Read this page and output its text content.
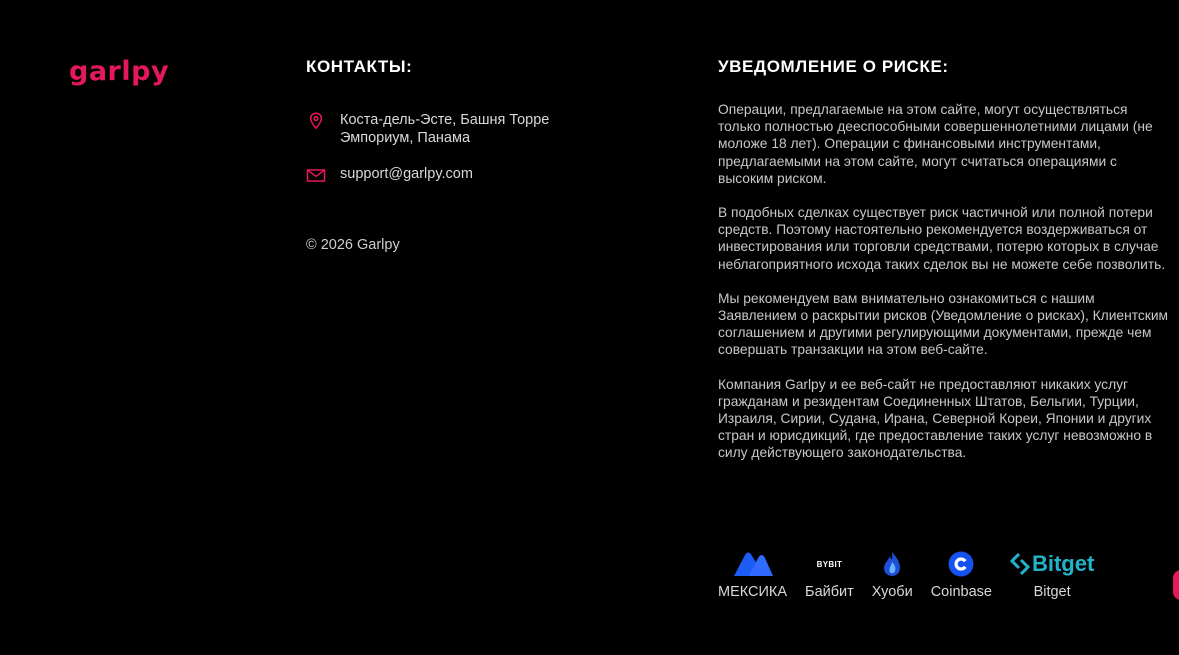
garlpy	КОНТАКТЫ:
Коста-дель-Эсте, Башня Торре Эмпориум, Панама
support@garlpy.com
© 2026 Garlpy
УВЕДОМЛЕНИЕ О РИСКЕ:

Операции, предлагаемые на этом сайте, могут осуществляться только полностью дееспособными совершеннолетними лицами (не моложе 18 лет). Операции с финансовыми инструментами, предлагаемыми на этом сайте, могут считаться операциями с высоким риском.

В подобных сделках существует риск частичной или полной потери средств. Поэтому настоятельно рекомендуется воздерживаться от инвестирования или торговли средствами, потерю которых в случае неблагоприятного исхода таких сделок вы не можете себе позволить.

Мы рекомендуем вам внимательно ознакомиться с нашим Заявлением о раскрытии рисков (Уведомление о рисках), Клиентским соглашением и другими регулирующими документами, прежде чем совершать транзакции на этом веб-сайте.

Компания Garlpy и ее веб-сайт не предоставляют никаких услуг гражданам и резидентам Соединенных Штатов, Бельгии, Турции, Израиля, Сирии, Судана, Ирана, Северной Кореи, Японии и других стран и юрисдикций, где предоставление таких услуг невозможно в силу действующего законодательства.

МЕКСИКА
BYBIT
Байбит Хуоби Coinbase
Bitget
Bitget
